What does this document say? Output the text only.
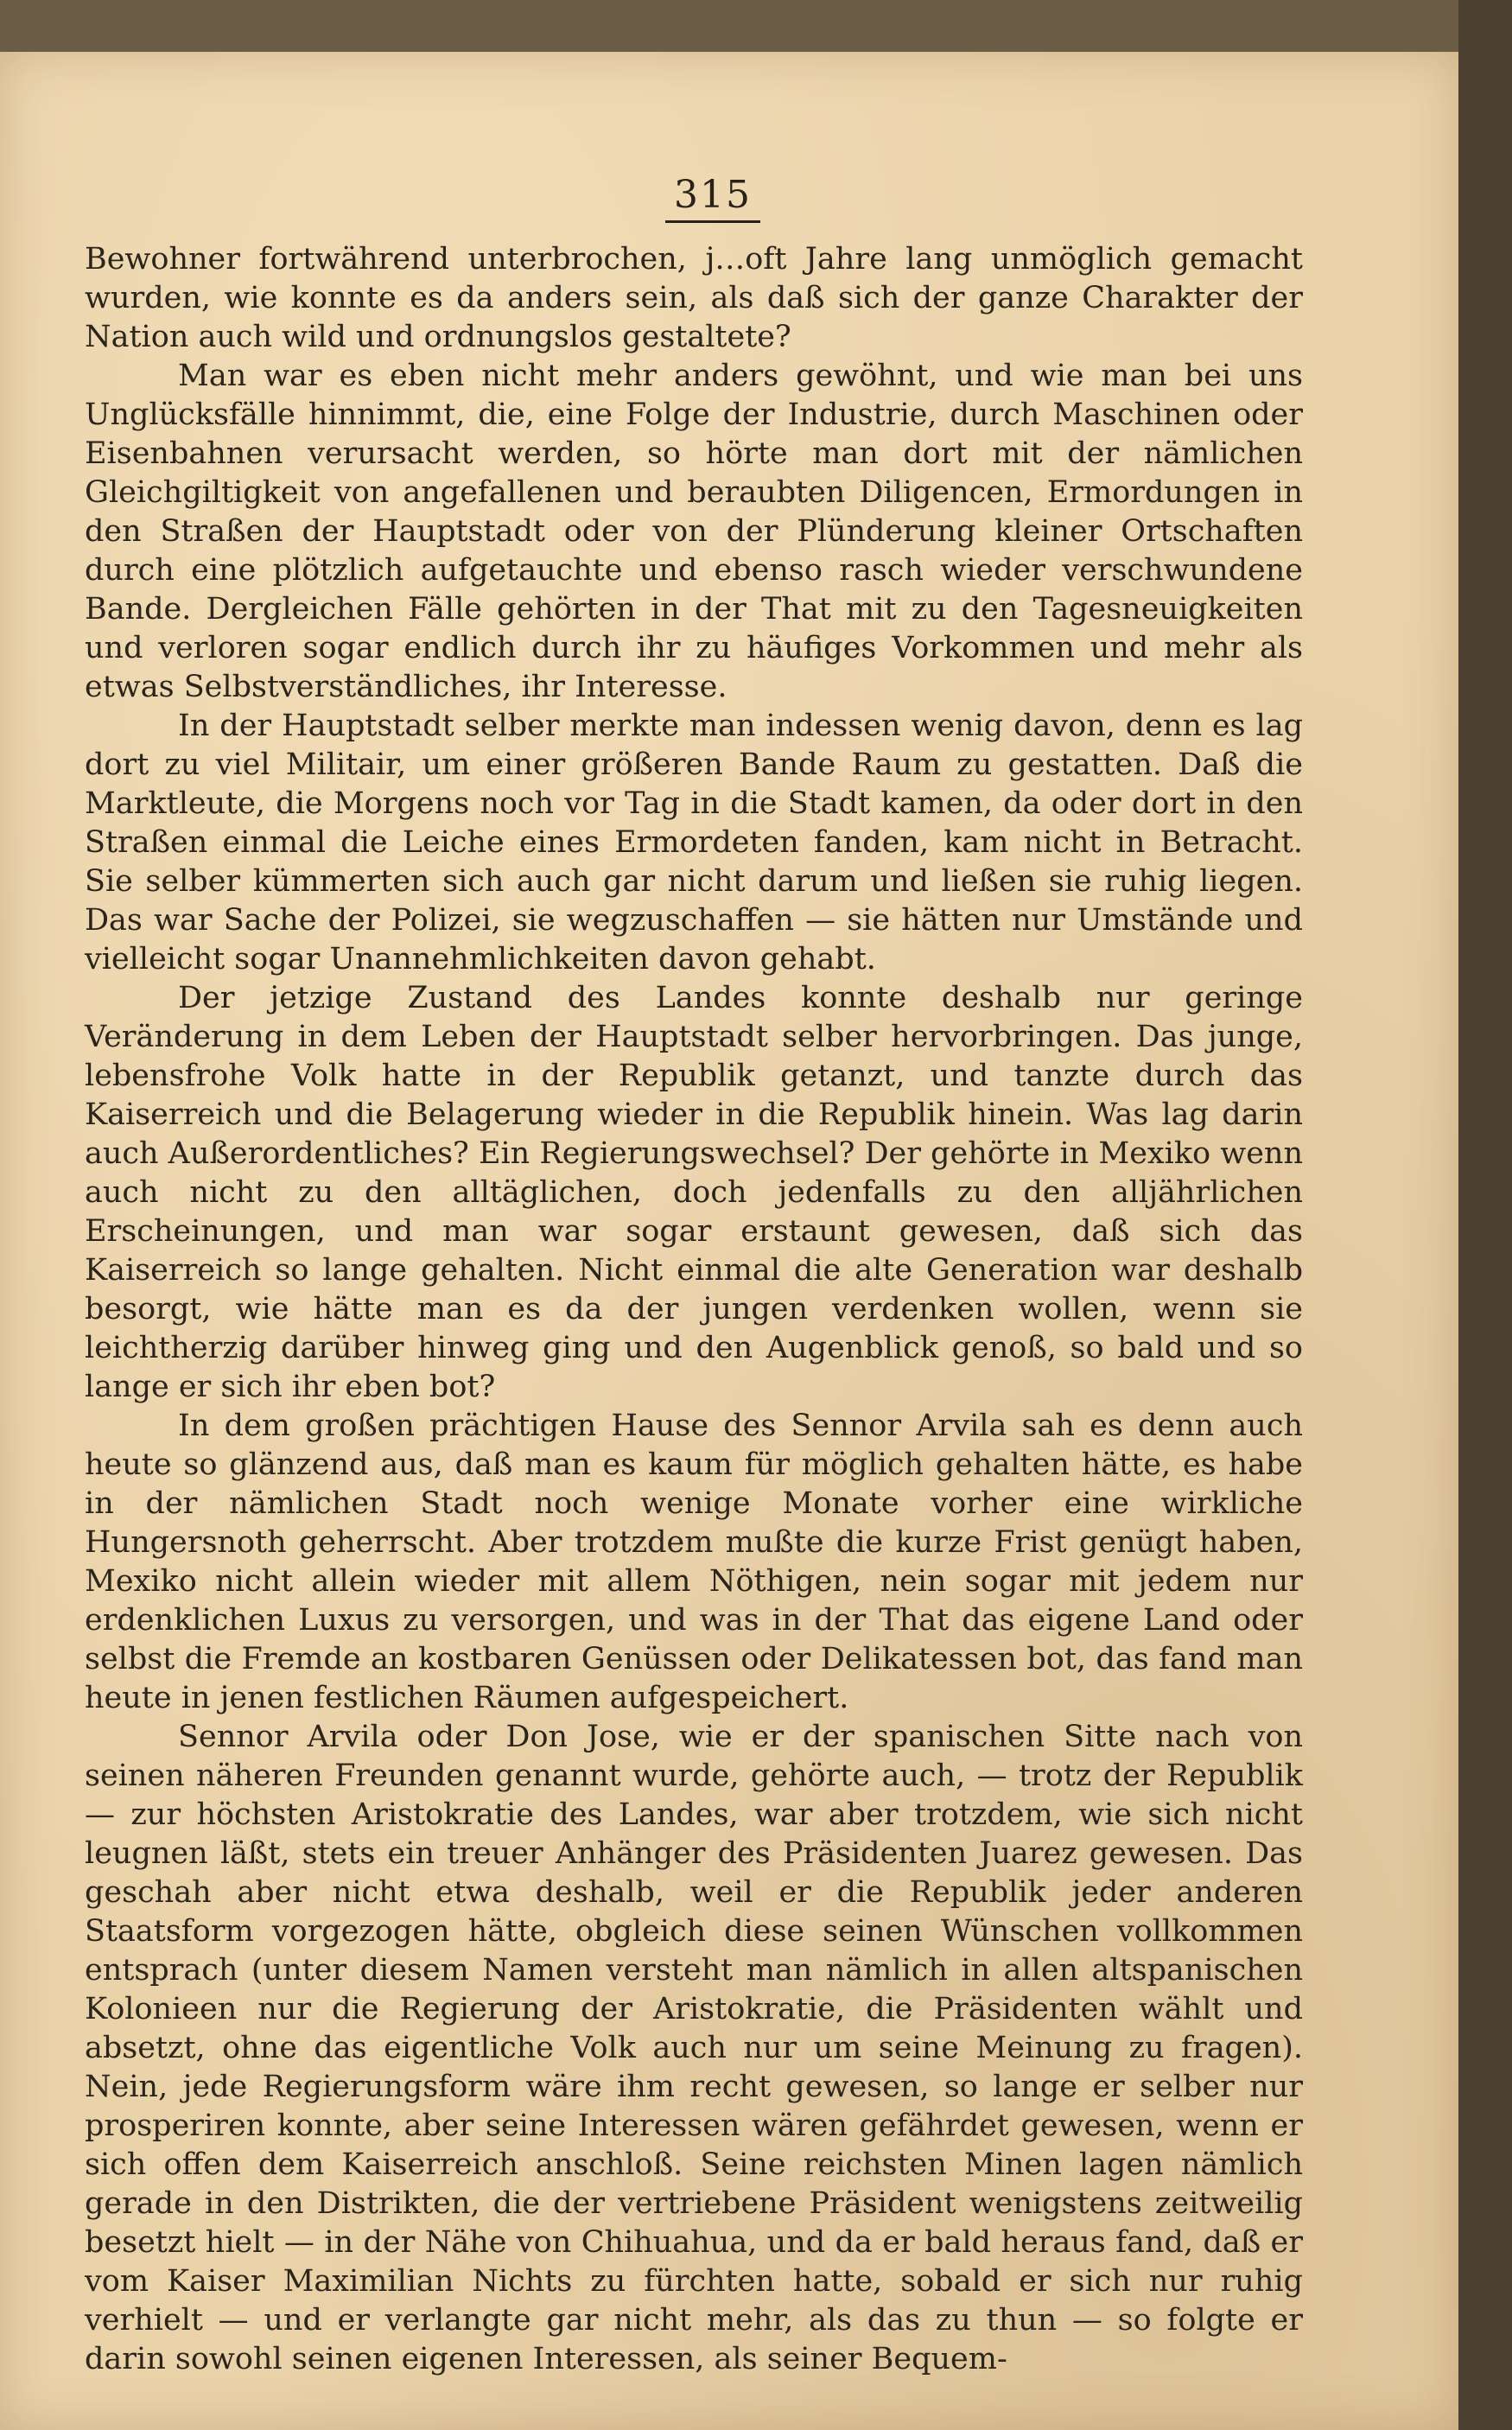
315

Bewohner fortwährend unterbrochen, j…oft Jahre lang unmöglich gemacht wurden, wie konnte es da anders sein, als daß sich der ganze Charakter der Nation auch wild und ordnungslos gestaltete?

Man war es eben nicht mehr anders gewöhnt, und wie man bei uns Unglücksfälle hinnimmt, die, eine Folge der Industrie, durch Maschinen oder Eisenbahnen verursacht werden, so hörte man dort mit der nämlichen Gleichgiltigkeit von angefallenen und beraubten Diligencen, Ermordungen in den Straßen der Hauptstadt oder von der Plünderung kleiner Ortschaften durch eine plötzlich aufgetauchte und ebenso rasch wieder verschwundene Bande. Dergleichen Fälle gehörten in der That mit zu den Tagesneuigkeiten und verloren sogar endlich durch ihr zu häufiges Vorkommen und mehr als etwas Selbstverständliches, ihr Interesse.

In der Hauptstadt selber merkte man indessen wenig davon, denn es lag dort zu viel Militair, um einer größeren Bande Raum zu gestatten. Daß die Marktleute, die Morgens noch vor Tag in die Stadt kamen, da oder dort in den Straßen einmal die Leiche eines Ermordeten fanden, kam nicht in Betracht. Sie selber kümmerten sich auch gar nicht darum und ließen sie ruhig liegen. Das war Sache der Polizei, sie wegzuschaffen — sie hätten nur Umstände und vielleicht sogar Unannehmlichkeiten davon gehabt.

Der jetzige Zustand des Landes konnte deshalb nur geringe Veränderung in dem Leben der Hauptstadt selber hervorbringen. Das junge, lebensfrohe Volk hatte in der Republik getanzt, und tanzte durch das Kaiserreich und die Belagerung wieder in die Republik hinein. Was lag darin auch Außerordentliches? Ein Regierungswechsel? Der gehörte in Mexiko wenn auch nicht zu den alltäglichen, doch jedenfalls zu den alljährlichen Erscheinungen, und man war sogar erstaunt gewesen, daß sich das Kaiserreich so lange gehalten. Nicht einmal die alte Generation war deshalb besorgt, wie hätte man es da der jungen verdenken wollen, wenn sie leichtherzig darüber hinweg ging und den Augenblick genoß, so bald und so lange er sich ihr eben bot?

In dem großen prächtigen Hause des Sennor Arvila sah es denn auch heute so glänzend aus, daß man es kaum für möglich gehalten hätte, es habe in der nämlichen Stadt noch wenige Monate vorher eine wirkliche Hungersnoth geherrscht. Aber trotzdem mußte die kurze Frist genügt haben, Mexiko nicht allein wieder mit allem Nöthigen, nein sogar mit jedem nur erdenklichen Luxus zu versorgen, und was in der That das eigene Land oder selbst die Fremde an kostbaren Genüssen oder Delikatessen bot, das fand man heute in jenen festlichen Räumen aufgespeichert.

Sennor Arvila oder Don Jose, wie er der spanischen Sitte nach von seinen näheren Freunden genannt wurde, gehörte auch, — trotz der Republik — zur höchsten Aristokratie des Landes, war aber trotzdem, wie sich nicht leugnen läßt, stets ein treuer Anhänger des Präsidenten Juarez gewesen. Das geschah aber nicht etwa deshalb, weil er die Republik jeder anderen Staatsform vorgezogen hätte, obgleich diese seinen Wünschen vollkommen entsprach (unter diesem Namen versteht man nämlich in allen altspanischen Kolonieen nur die Regierung der Aristokratie, die Präsidenten wählt und absetzt, ohne das eigentliche Volk auch nur um seine Meinung zu fragen). Nein, jede Regierungsform wäre ihm recht gewesen, so lange er selber nur prosperiren konnte, aber seine Interessen wären gefährdet gewesen, wenn er sich offen dem Kaiserreich anschloß. Seine reichsten Minen lagen nämlich gerade in den Distrikten, die der vertriebene Präsident wenigstens zeitweilig besetzt hielt — in der Nähe von Chihuahua, und da er bald heraus fand, daß er vom Kaiser Maximilian Nichts zu fürchten hatte, sobald er sich nur ruhig verhielt — und er verlangte gar nicht mehr, als das zu thun — so folgte er darin sowohl seinen eigenen Interessen, als seiner Bequem-
